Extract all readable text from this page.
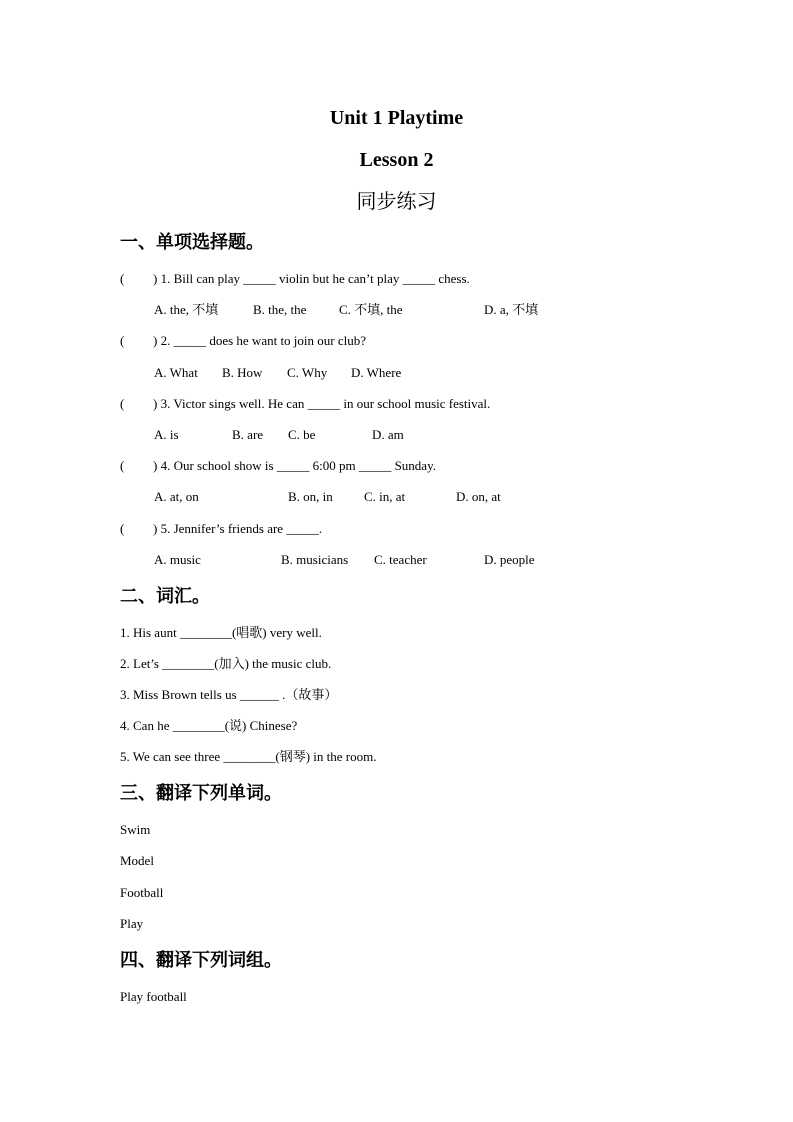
Unit 1 Playtime
Lesson 2
同步练习
一、单项选择题。
( ) 1. Bill can play _____ violin but he can’t play _____ chess.
A. the, 不填	B. the, the	C. 不填, the	D. a, 不填
( ) 2. _____ does he want to join our club?
A. What B. How C. Why D. Where
( ) 3. Victor sings well. He can _____ in our school music festival.
A. is	B. are C. be	D. am
( ) 4. Our school show is _____ 6:00 pm _____ Sunday.
A. at, on	B. on, in C. in, at	D. on, at
( ) 5. Jennifer’s friends are _____.
A. music	B. musicians C. teacher	D. people
二、词汇。
1. His aunt ________(唱歌) very well.
2. Let’s ________(加入) the music club.
3. Miss Brown tells us ______ .（故事）
4. Can he ________(说) Chinese?
5. We can see three ________(钢琴) in the room.
三、翻译下列单词。
Swim
Model
Football
Play
四、翻译下列词组。
Play football
